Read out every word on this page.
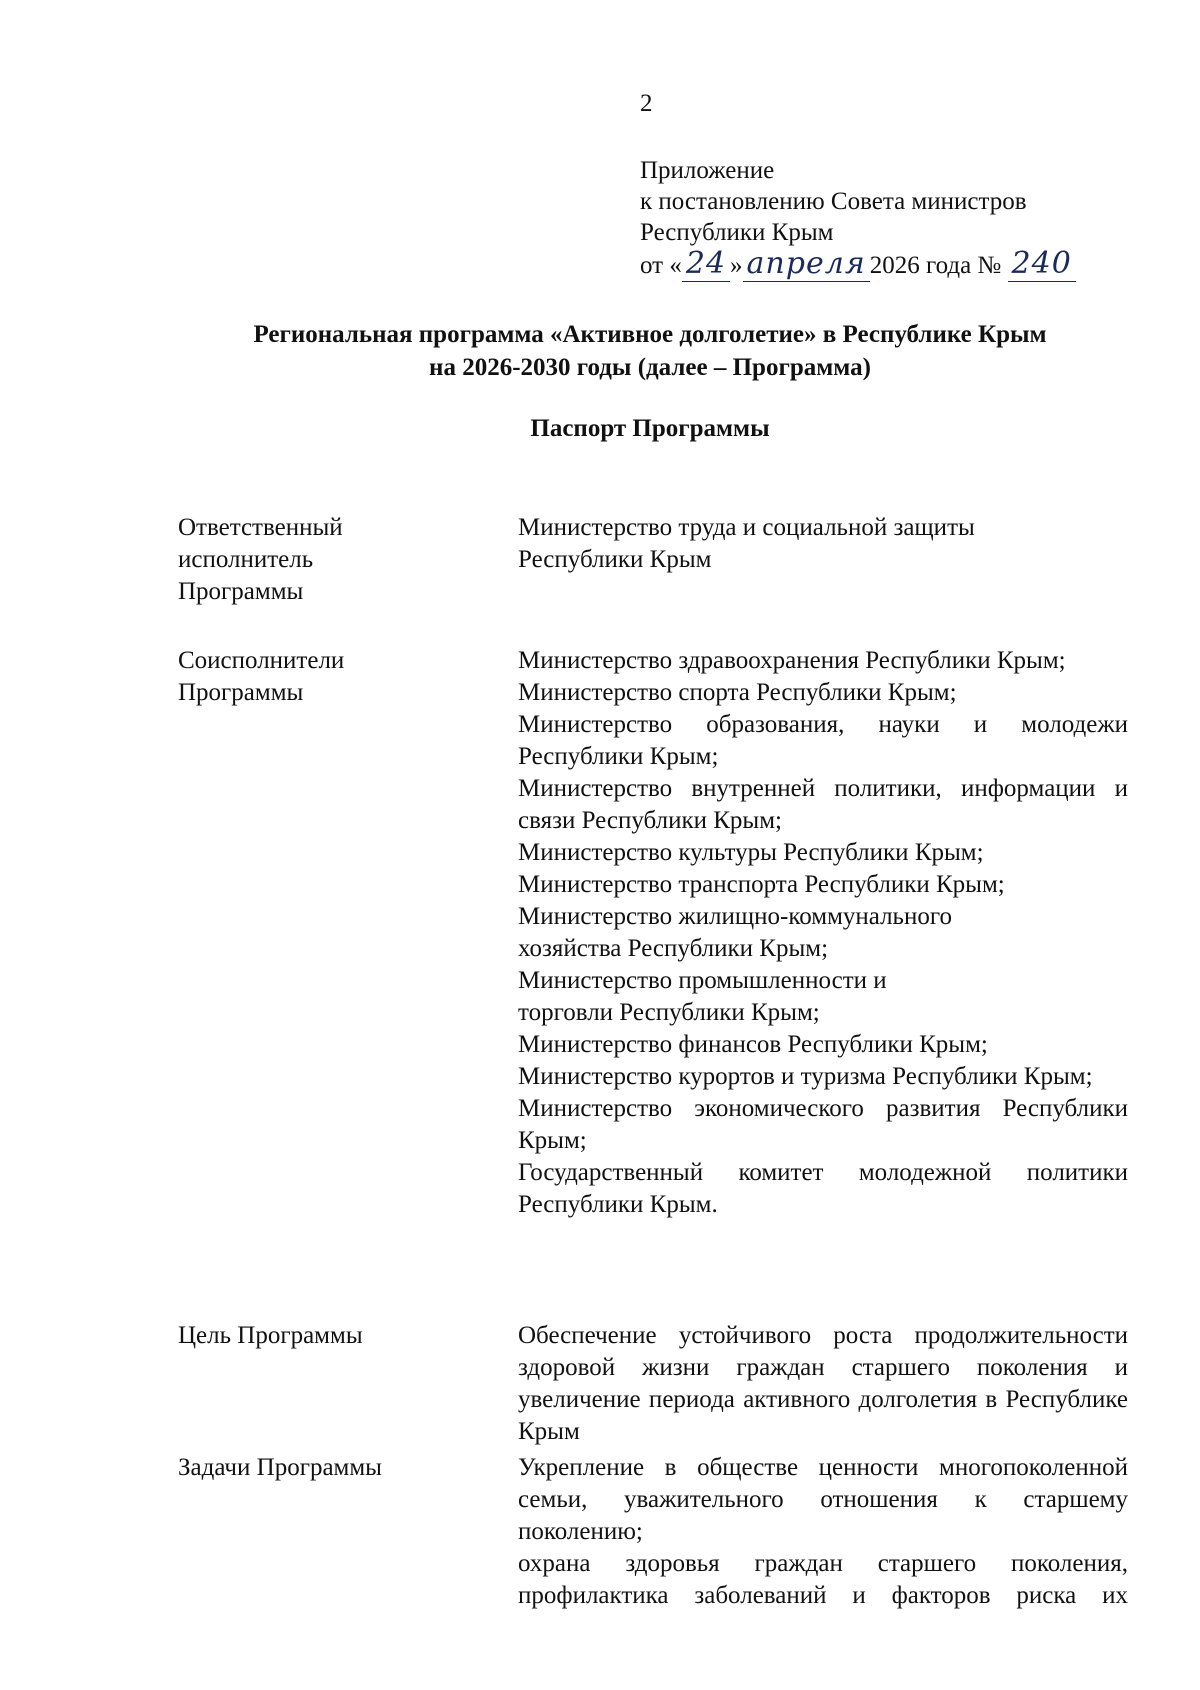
2
Приложение
к постановлению Совета министров
Республики Крым
от « 24 » апреля 2026 года № 240
Региональная программа «Активное долголетие» в Республике Крым
на 2026-2030 годы (далее – Программа)
Паспорт Программы
Ответственный
исполнитель
Программы

Министерство труда и социальной защиты

Республики Крым

Соисполнители
Программы

Министерство здравоохранения Республики Крым;

Министерство спорта Республики Крым;

Министерство образования, науки и молодежи Республики Крым;

Министерство внутренней политики, информации и связи Республики Крым;

Министерство культуры Республики Крым;

Министерство транспорта Республики Крым;

Министерство жилищно-коммунального

хозяйства Республики Крым;

Министерство промышленности и

торговли Республики Крым;

Министерство финансов Республики Крым;

Министерство курортов и туризма Республики Крым;

Министерство экономического развития Республики Крым;

Государственный комитет молодежной политики Республики Крым.

Цель Программы	Обеспечение устойчивого роста продолжительности здоровой жизни граждан старшего поколения и увеличение периода активного долголетия в Республике Крым

Задачи Программы	Укрепление в обществе ценности многопоколенной семьи, уважительного отношения к старшему поколению;

охрана здоровья граждан старшего поколения, профилактика заболеваний и факторов риска их
